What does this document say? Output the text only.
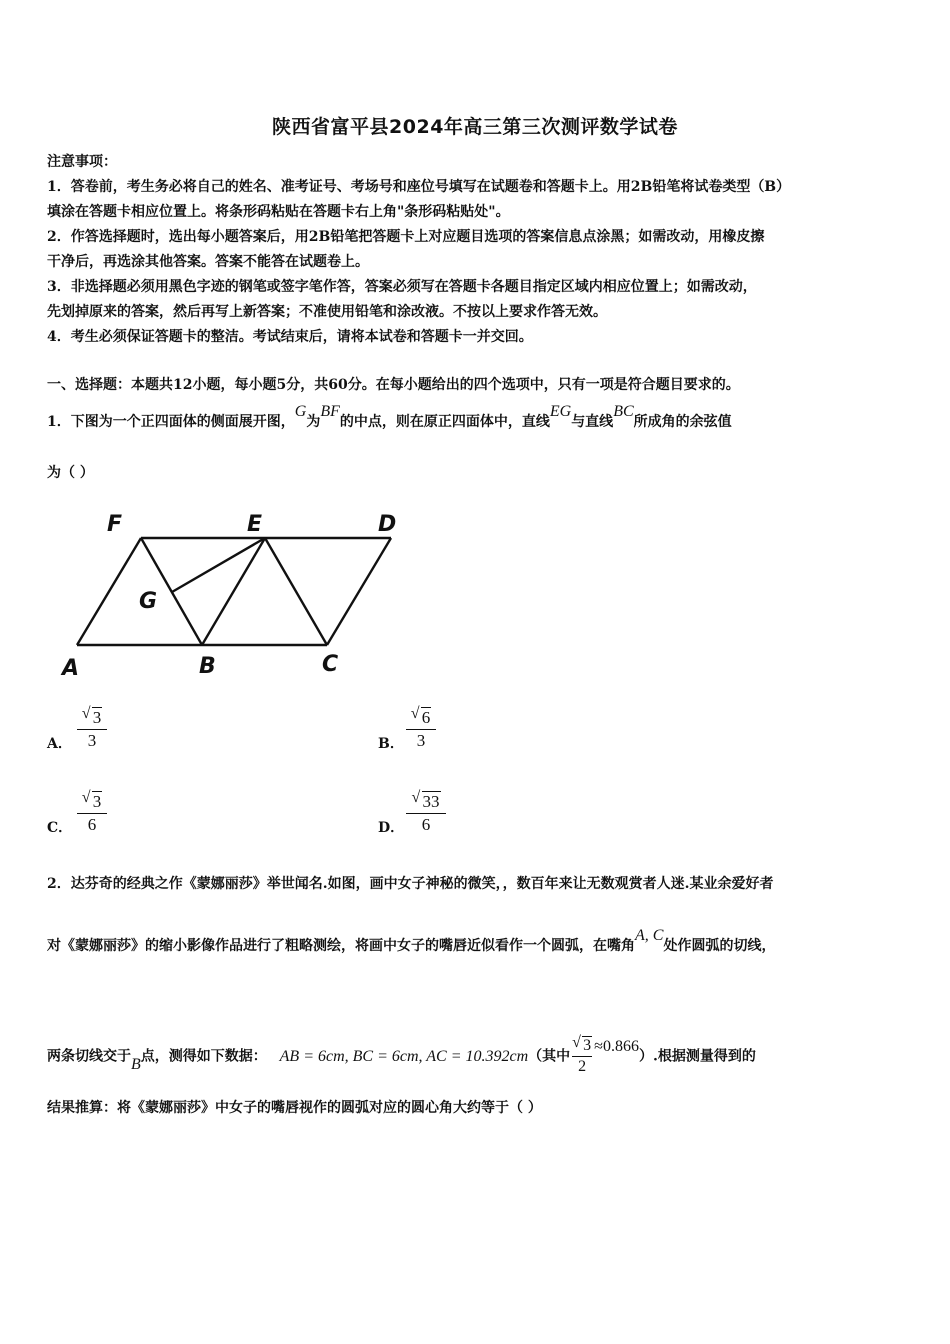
陕西省富平县2024年高三第三次测评数学试卷
注意事项：
1．答卷前，考生务必将自己的姓名、准考证号、考场号和座位号填写在试题卷和答题卡上。用2B铅笔将试卷类型（B）
填涂在答题卡相应位置上。将条形码粘贴在答题卡右上角"条形码粘贴处"。
2．作答选择题时，选出每小题答案后，用2B铅笔把答题卡上对应题目选项的答案信息点涂黑；如需改动，用橡皮擦
干净后，再选涂其他答案。答案不能答在试题卷上。
3．非选择题必须用黑色字迹的钢笔或签字笔作答，答案必须写在答题卡各题目指定区域内相应位置上；如需改动，
先划掉原来的答案，然后再写上新答案；不准使用铅笔和涂改液。不按以上要求作答无效。
4．考生必须保证答题卡的整洁。考试结束后，请将本试卷和答题卡一并交回。
一、选择题：本题共12小题，每小题5分，共60分。在每小题给出的四个选项中，只有一项是符合题目要求的。
1．下图为一个正四面体的侧面展开图，G为BF的中点，则在原正四面体中，直线EG与直线BC所成角的余弦值
为（ ）
F	E	D
G
A	B	C
A．
√ 3
3	B．
√ 6
3
C．
√ 3
6	D．
√ 33
6
2．达芬奇的经典之作《蒙娜丽莎》举世闻名.如图，画中女子神秘的微笑，，数百年来让无数观赏者人迷.某业余爱好者
对《蒙娜丽莎》的缩小影像作品进行了粗略测绘，将画中女子的嘴唇近似看作一个圆弧，在嘴角A, C处作圆弧的切线，
两条切线交于B点，测得如下数据： AB = 6cm, BC = 6cm, AC = 10.392cm（其中 $\frac{√ 3}{2} \approx 0.866$）.根据测量得到的
结果推算：将《蒙娜丽莎》中女子的嘴唇视作的圆弧对应的圆心角大约等于（ ）
